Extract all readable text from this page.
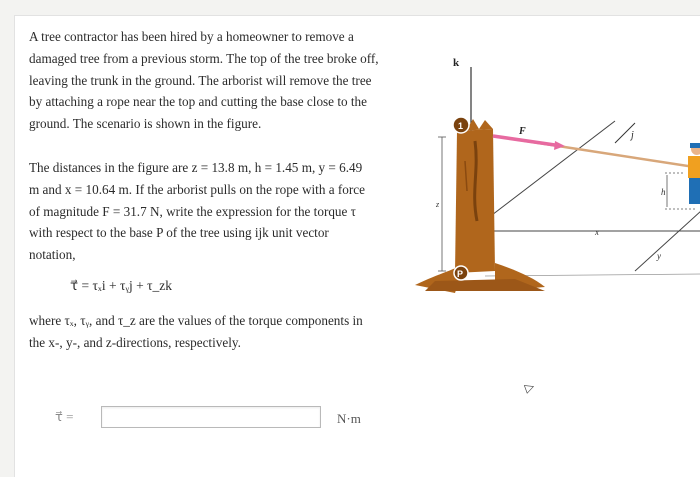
A tree contractor has been hired by a homeowner to remove a damaged tree from a previous storm. The top of the tree broke off, leaving the trunk in the ground. The arborist will remove the tree by attaching a rope near the top and cutting the base close to the ground. The scenario is shown in the figure.

The distances in the figure are z = 13.8 m, h = 1.45 m, y = 6.49 m and x = 10.64 m. If the arborist pulls on the rope with a force of magnitude F = 31.7 N, write the expression for the torque τ with respect to the base P of the tree using ijk unit vector notation,

τ⃗ = τₓi + τᵧj + τ_zk

where τₓ, τᵧ, and τ_z are the values of the torque components in the x-, y-, and z-directions, respectively.

τ⃗ =	N·m
▷
k
j
x
y
z
1
P
F⃗
h
